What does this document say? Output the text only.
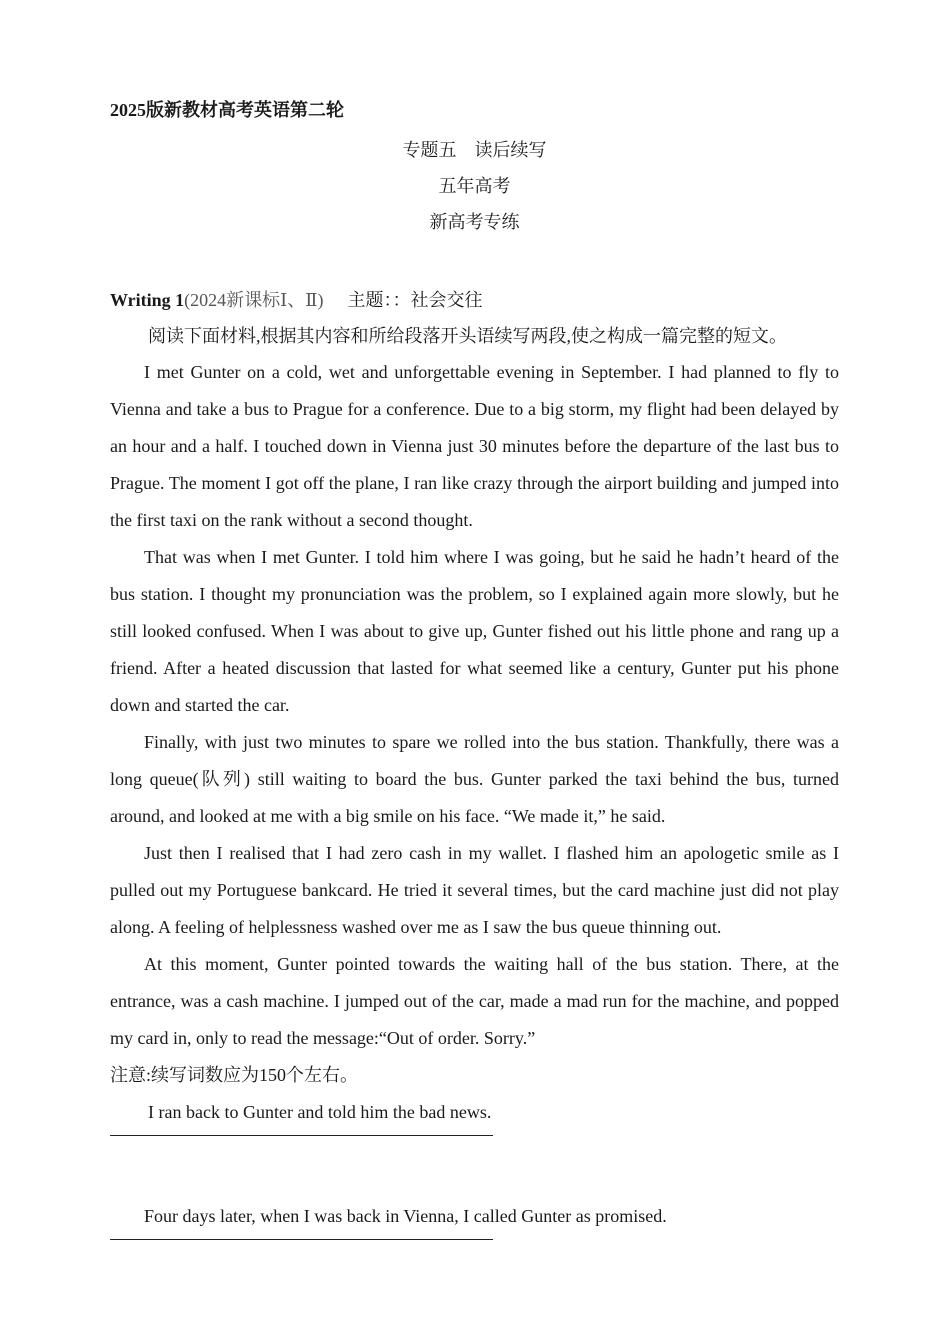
2025版新教材高考英语第二轮

专题五　读后续写

五年高考

新高考专练

Writing 1(2024新课标Ⅰ、Ⅱ) 主题：：社会交往

阅读下面材料,根据其内容和所给段落开头语续写两段,使之构成一篇完整的短文。

I met Gunter on a cold, wet and unforgettable evening in September. I had planned to fly to Vienna and take a bus to Prague for a conference. Due to a big storm, my flight had been delayed by an hour and a half. I touched down in Vienna just 30 minutes before the departure of the last bus to Prague. The moment I got off the plane, I ran like crazy through the airport building and jumped into the first taxi on the rank without a second thought.

That was when I met Gunter. I told him where I was going, but he said he hadn’t heard of the bus station. I thought my pronunciation was the problem, so I explained again more slowly, but he still looked confused. When I was about to give up, Gunter fished out his little phone and rang up a friend. After a heated discussion that lasted for what seemed like a century, Gunter put his phone down and started the car.

Finally, with just two minutes to spare we rolled into the bus station. Thankfully, there was a long queue(队列) still waiting to board the bus. Gunter parked the taxi behind the bus, turned around, and looked at me with a big smile on his face. “We made it,” he said.

Just then I realised that I had zero cash in my wallet. I flashed him an apologetic smile as I pulled out my Portuguese bankcard. He tried it several times, but the card machine just did not play along. A feeling of helplessness washed over me as I saw the bus queue thinning out.

At this moment, Gunter pointed towards the waiting hall of the bus station. There, at the entrance, was a cash machine. I jumped out of the car, made a mad run for the machine, and popped my card in, only to read the message:“Out of order. Sorry.”

注意:续写词数应为150个左右。

I ran back to Gunter and told him the bad news.

Four days later, when I was back in Vienna, I called Gunter as promised.
